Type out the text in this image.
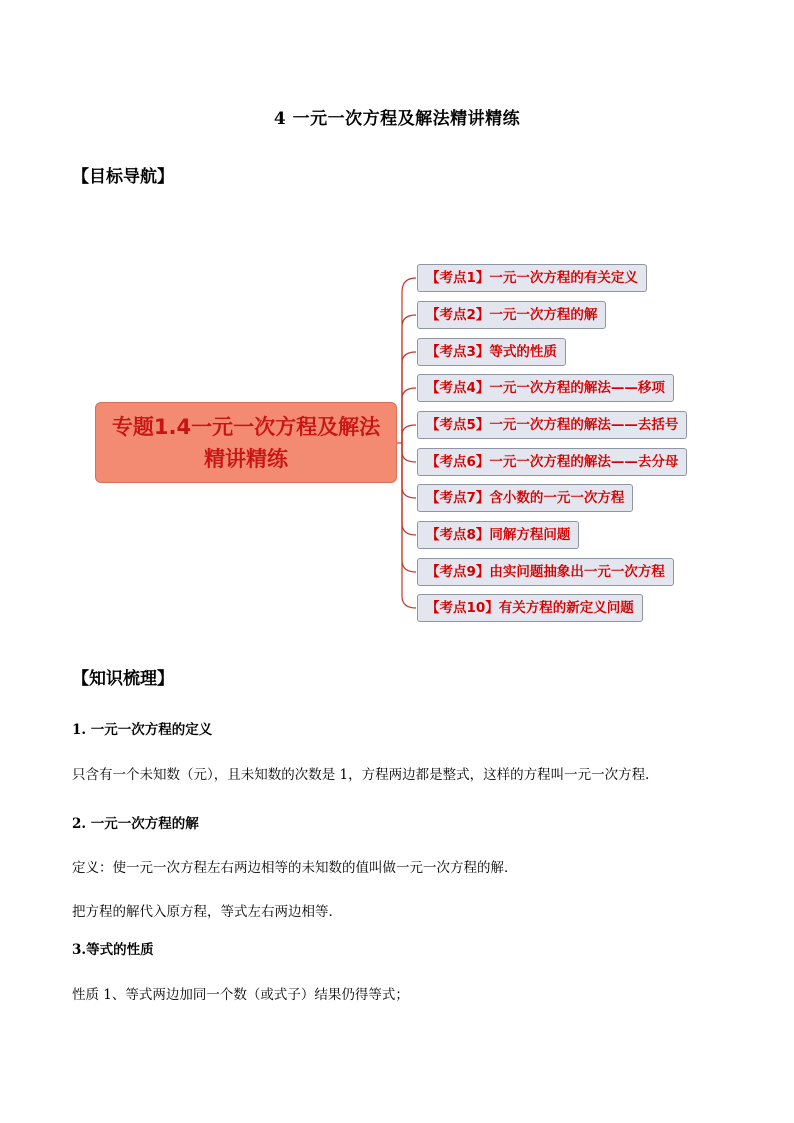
4 一元一次方程及解法精讲精练
【目标导航】
专题1.4一元一次方程及解法精讲精练
【考点1】一元一次方程的有关定义
【考点2】一元一次方程的解
【考点3】等式的性质
【考点4】一元一次方程的解法——移项
【考点5】一元一次方程的解法——去括号
【考点6】一元一次方程的解法——去分母
【考点7】含小数的一元一次方程
【考点8】同解方程问题
【考点9】由实问题抽象出一元一次方程
【考点10】有关方程的新定义问题
【知识梳理】
1. 一元一次方程的定义
只含有一个未知数（元），且未知数的次数是 1，方程两边都是整式，这样的方程叫一元一次方程．
2. 一元一次方程的解
定义：使一元一次方程左右两边相等的未知数的值叫做一元一次方程的解．
把方程的解代入原方程，等式左右两边相等．
3.等式的性质
性质 1、等式两边加同一个数（或式子）结果仍得等式；
